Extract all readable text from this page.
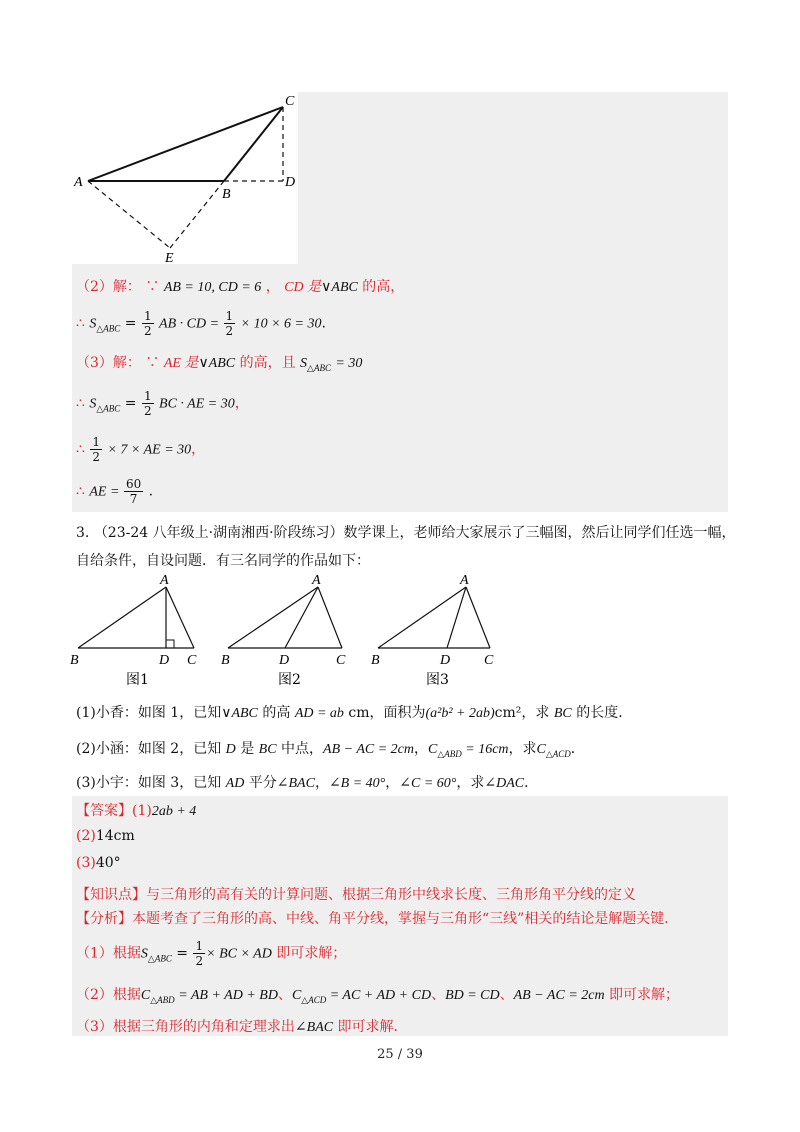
A
B
C
D
E
（2）解： ∵ AB = 10, CD = 6 ， CD 是∨ABC 的高，
∴ $S_{\triangle ABC} = \frac{1}{2}$ AB · CD = $\frac{1}{2} \times 10 \times 6 = 30$.
（3）解： ∵ AE 是∨ABC 的高，且 $S_{\triangle ABC} = 30$
∴ $S_{\triangle ABC} = \frac{1}{2}$ BC · AE = 30，
∴ $\frac{1}{2} \times 7$ × AE = 30，
∴ AE = $\frac{60}{7}$ .
3. （23-24 八年级上·湖南湘西·阶段练习）数学课上，老师给大家展示了三幅图，然后让同学们任选一幅，
自给条件，自设问题．有三名同学的作品如下：
A
B	D C
图1
A
B	D	C
图2
A
B	D C
图3
(1)小香：如图 1，已知∨ABC 的高 AD = ab cm，面积为(a²b² + 2ab)cm²，求 BC 的长度．
(2)小涵：如图 2，已知 D 是 BC 中点，AB − AC = 2cm，$C_{\triangle ABD} = 16cm$，求$C_{\triangle ACD}$．
(3)小宇：如图 3，已知 AD 平分∠BAC，∠B = 40°，∠C = 60°，求∠DAC．
【答案】(1)2ab + 4
(2)14cm
(3)40°
【知识点】与三角形的高有关的计算问题、根据三角形中线求长度、三角形角平分线的定义
【分析】本题考查了三角形的高、中线、角平分线，掌握与三角形“三线”相关的结论是解题关键．
（1）根据$S_{\triangle ABC} = \frac{1}{2}$ × BC × AD 即可求解；
（2）根据$C_{\triangle ABD}$ = AB + AD + BD、$C_{\triangle ACD}$ = AC + AD + CD、BD = CD、AB − AC = 2cm 即可求解；
（3）根据三角形的内角和定理求出∠BAC 即可求解．
25 / 39
